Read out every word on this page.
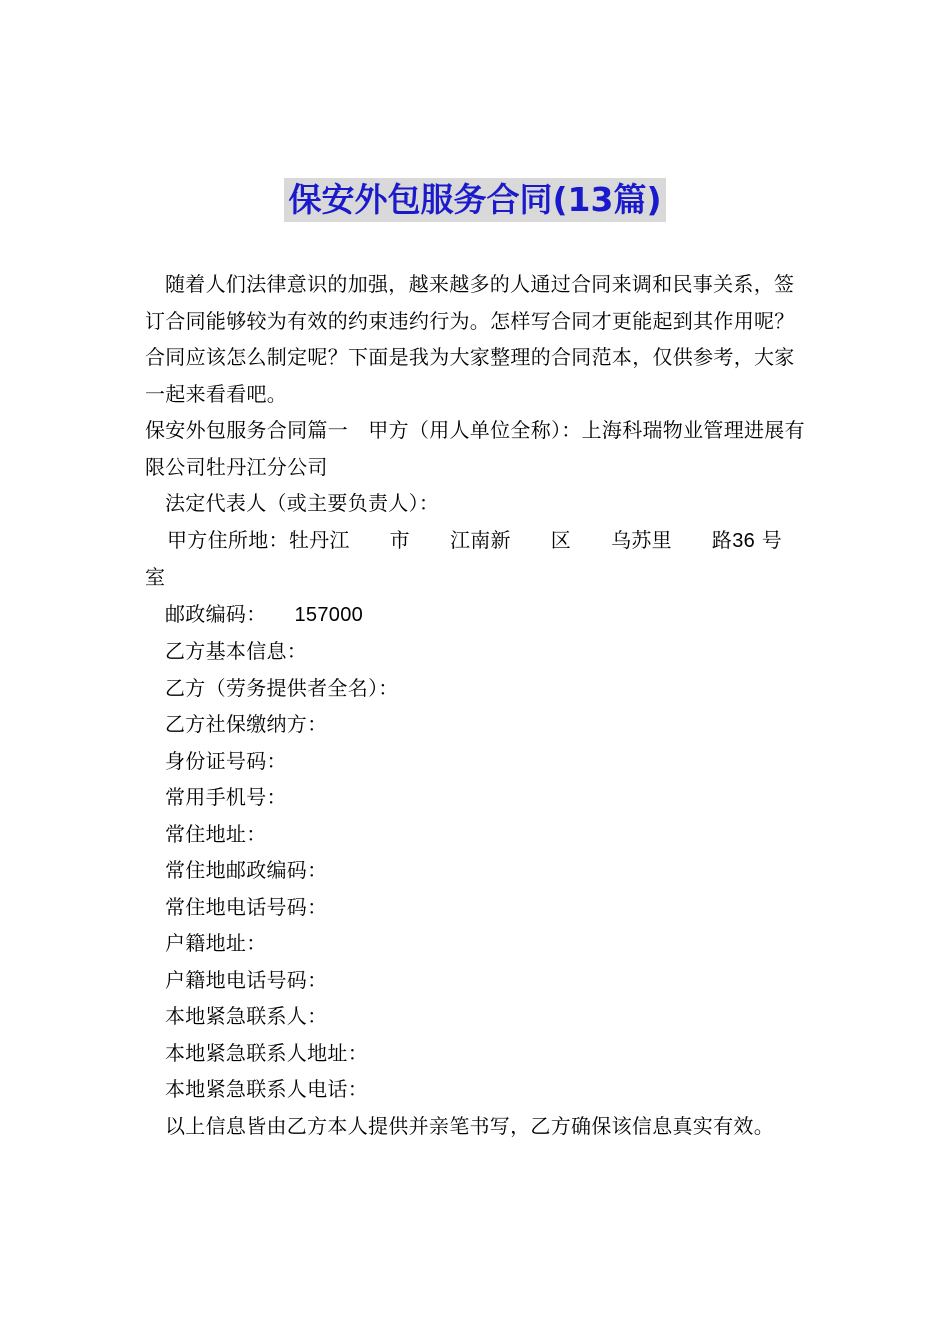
保安外包服务合同(13篇)

随着人们法律意识的加强，越来越多的人通过合同来调和民事关系，签订合同能够较为有效的约束违约行为。怎样写合同才更能起到其作用呢？合同应该怎么制定呢？下面是我为大家整理的合同范本，仅供参考，大家一起来看看吧。

保安外包服务合同篇一　甲方（用人单位全称）：上海科瑞物业管理进展有限公司牡丹江分公司

法定代表人（或主要负责人）：

甲方住所地：牡丹江 市 江南新 区 乌苏里 路36 号

室

邮政编码： 157000

乙方基本信息：

乙方（劳务提供者全名）：

乙方社保缴纳方：

身份证号码：

常用手机号：

常住地址：

常住地邮政编码：

常住地电话号码：

户籍地址：

户籍地电话号码：

本地紧急联系人：

本地紧急联系人地址：

本地紧急联系人电话：

以上信息皆由乙方本人提供并亲笔书写，乙方确保该信息真实有效。
